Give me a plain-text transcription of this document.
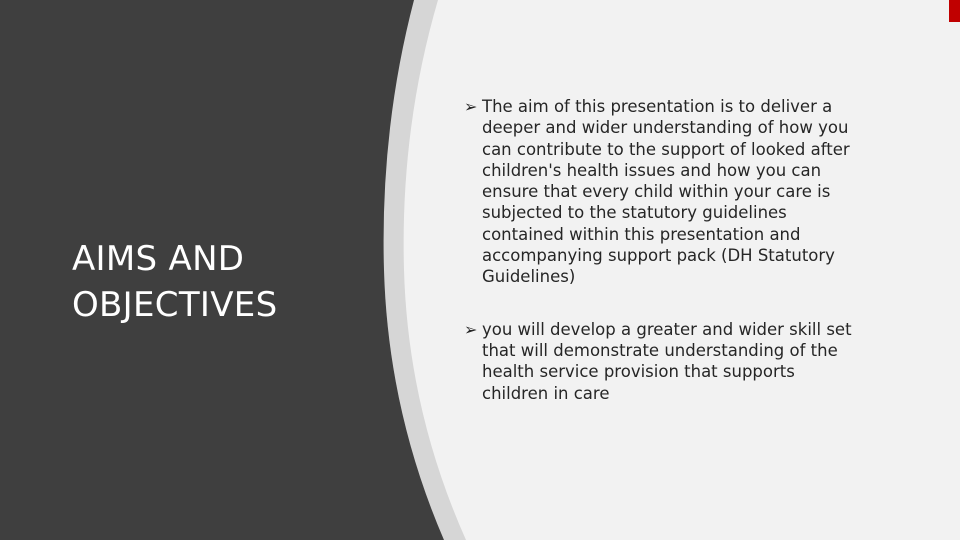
AIMS AND
OBJECTIVES
➢ The aim of this presentation is to deliver a
deeper and wider understanding of how you
can contribute to the support of looked after
children's health issues and how you can
ensure that every child within your care is
subjected to the statutory guidelines
contained within this presentation and
accompanying support pack (DH Statutory
Guidelines)
➢ you will develop a greater and wider skill set
that will demonstrate understanding of the
health service provision that supports
children in care
